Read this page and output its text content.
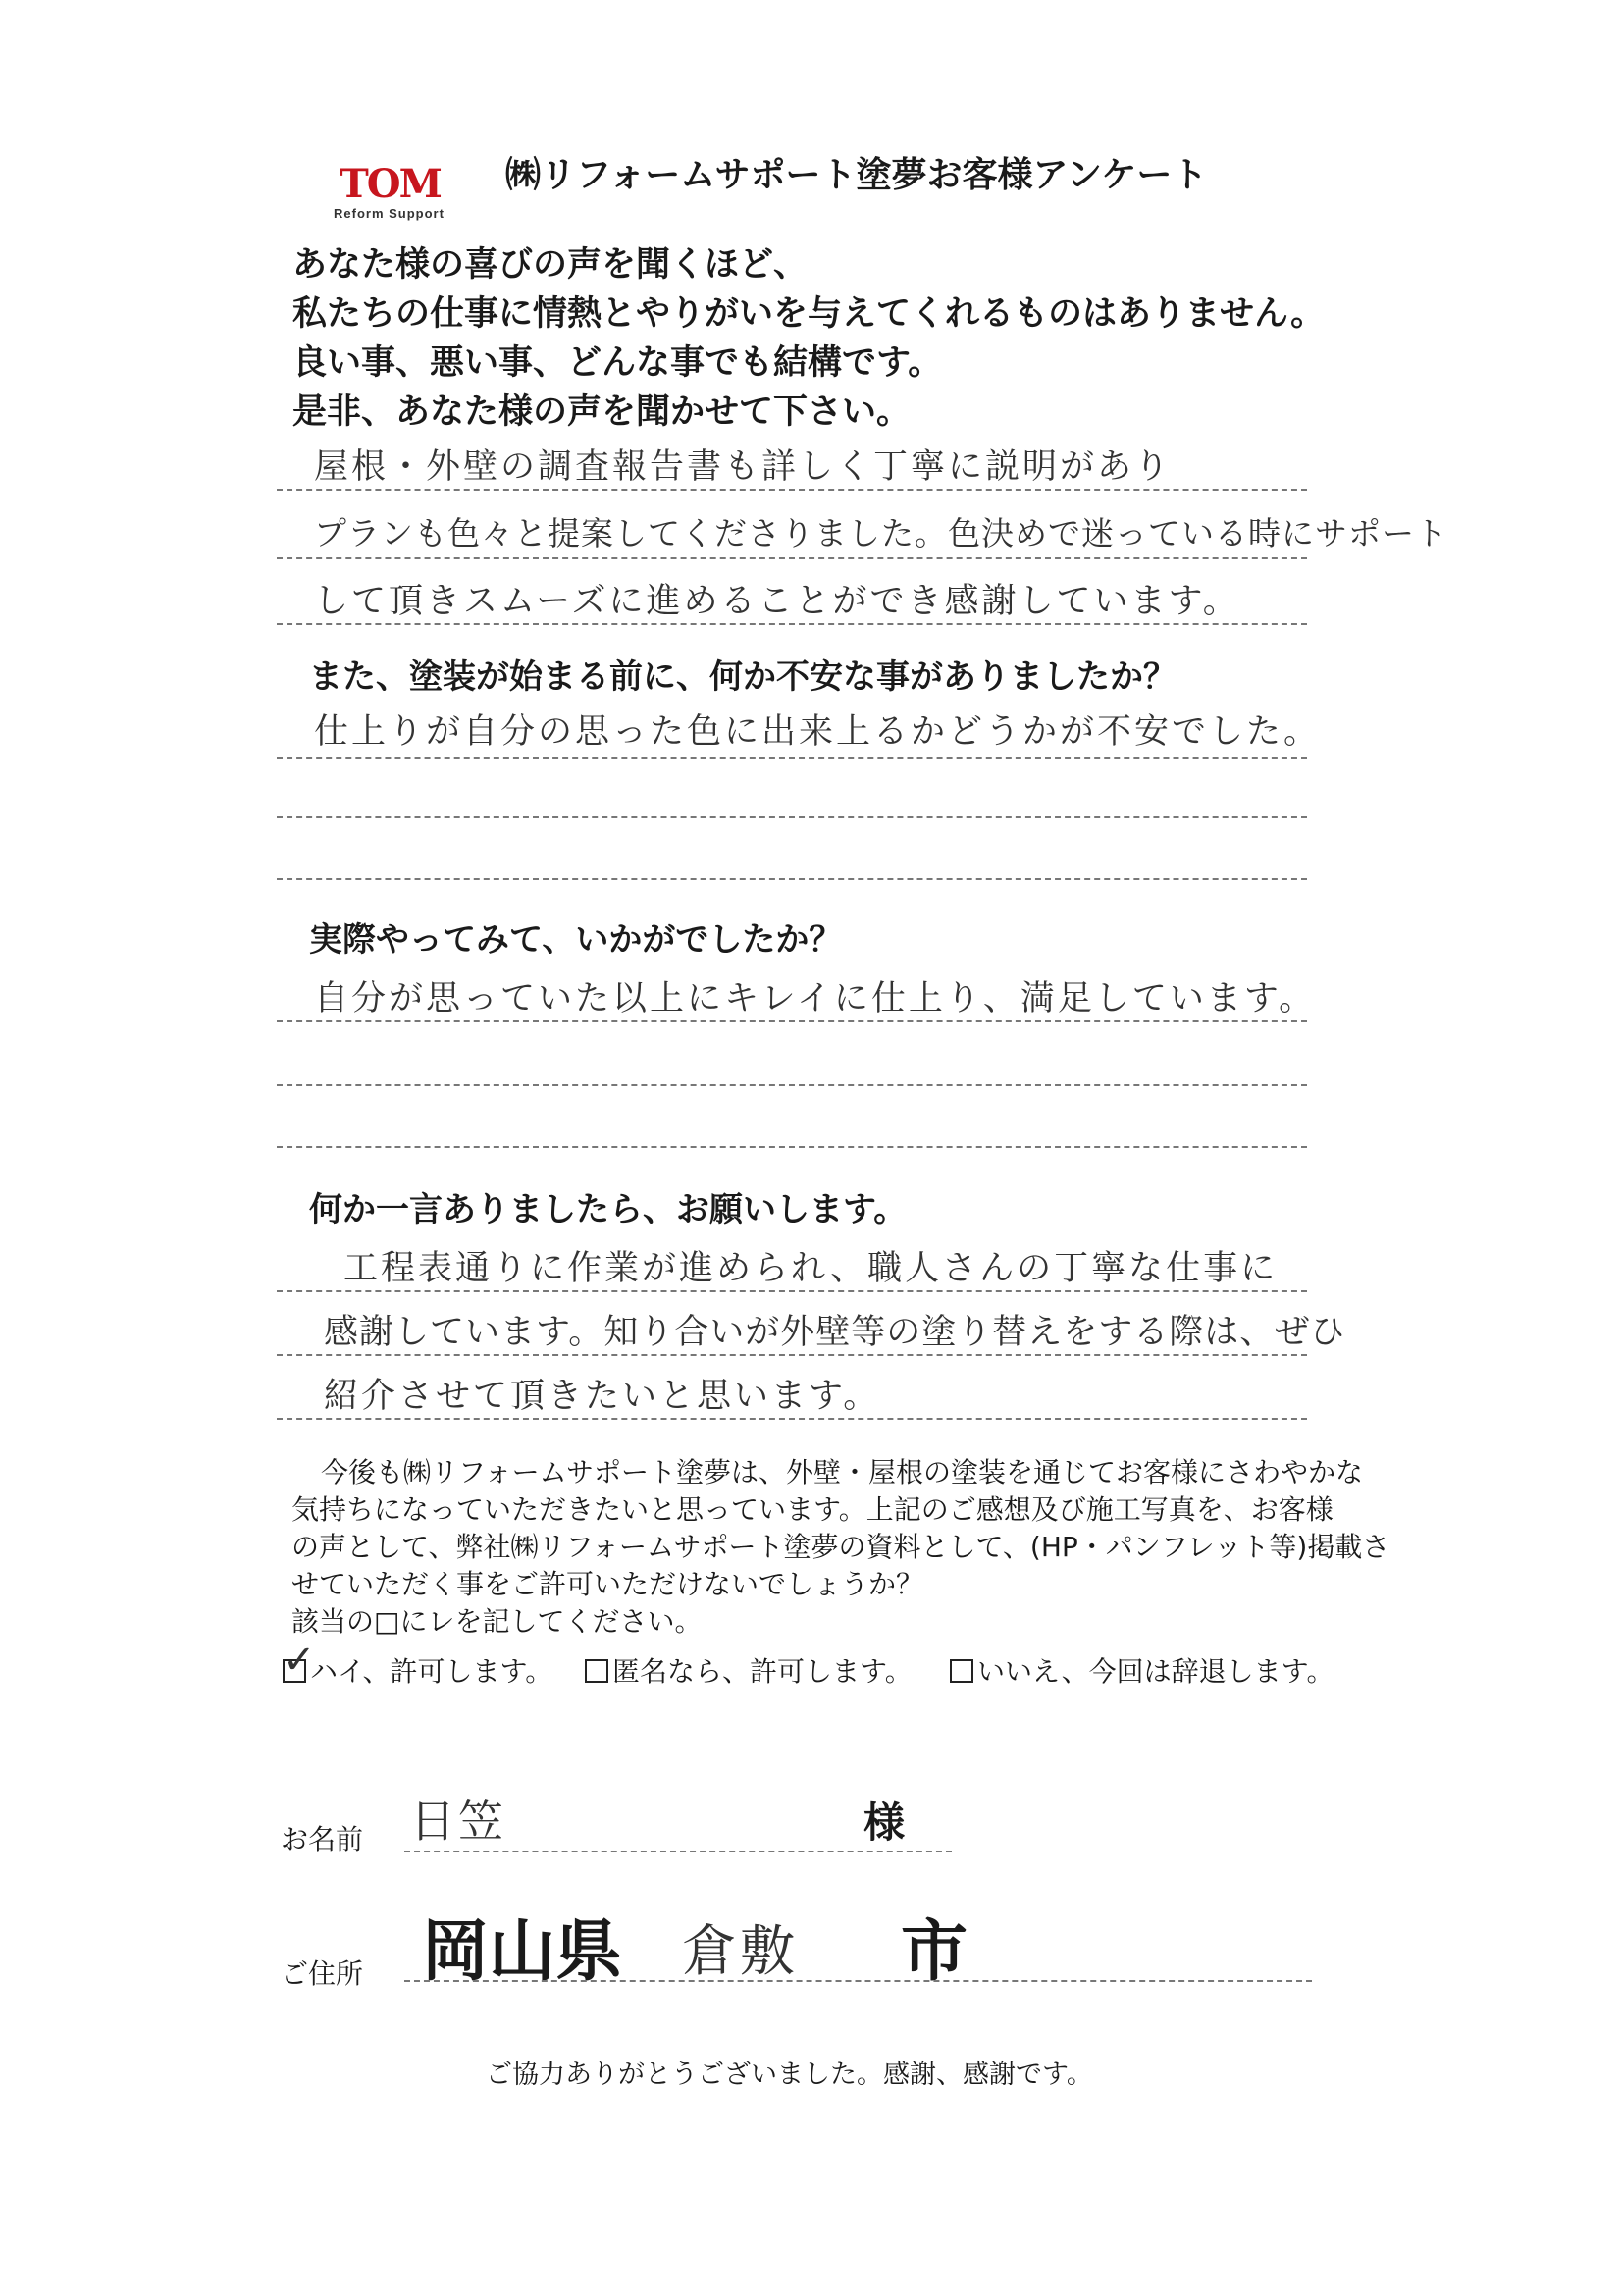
TOM
Reform Support
㈱リフォームサポート塗夢お客様アンケート
あなた様の喜びの声を聞くほど、
私たちの仕事に情熱とやりがいを与えてくれるものはありません。
良い事、悪い事、どんな事でも結構です。
是非、あなた様の声を聞かせて下さい。
屋根・外壁の調査報告書も詳しく丁寧に説明があり
プランも色々と提案してくださりました。色決めで迷っている時にサポート
して頂きスムーズに進めることができ感謝しています。
また、塗装が始まる前に、何か不安な事がありましたか？
仕上りが自分の思った色に出来上るかどうかが不安でした。
実際やってみて、いかがでしたか？
自分が思っていた以上にキレイに仕上り、満足しています。
何か一言ありましたら、お願いします。
工程表通りに作業が進められ、職人さんの丁寧な仕事に
感謝しています。知り合いが外壁等の塗り替えをする際は、ぜひ
紹介させて頂きたいと思います。
今後も㈱リフォームサポート塗夢は、外壁・屋根の塗装を通じてお客様にさわやかな
気持ちになっていただきたいと思っています。上記のご感想及び施工写真を、お客様
の声として、弊社㈱リフォームサポート塗夢の資料として、(HP・パンフレット等)掲載さ
せていただく事をご許可いただけないでしょうか？
該当の□にレを記してください。
✓
ハイ、許可します。	匿名なら、許可します。	いいえ、今回は辞退します。
お名前 日笠	様
ご住所 岡山県 倉敷 市
ご協力ありがとうございました。感謝、感謝です。
